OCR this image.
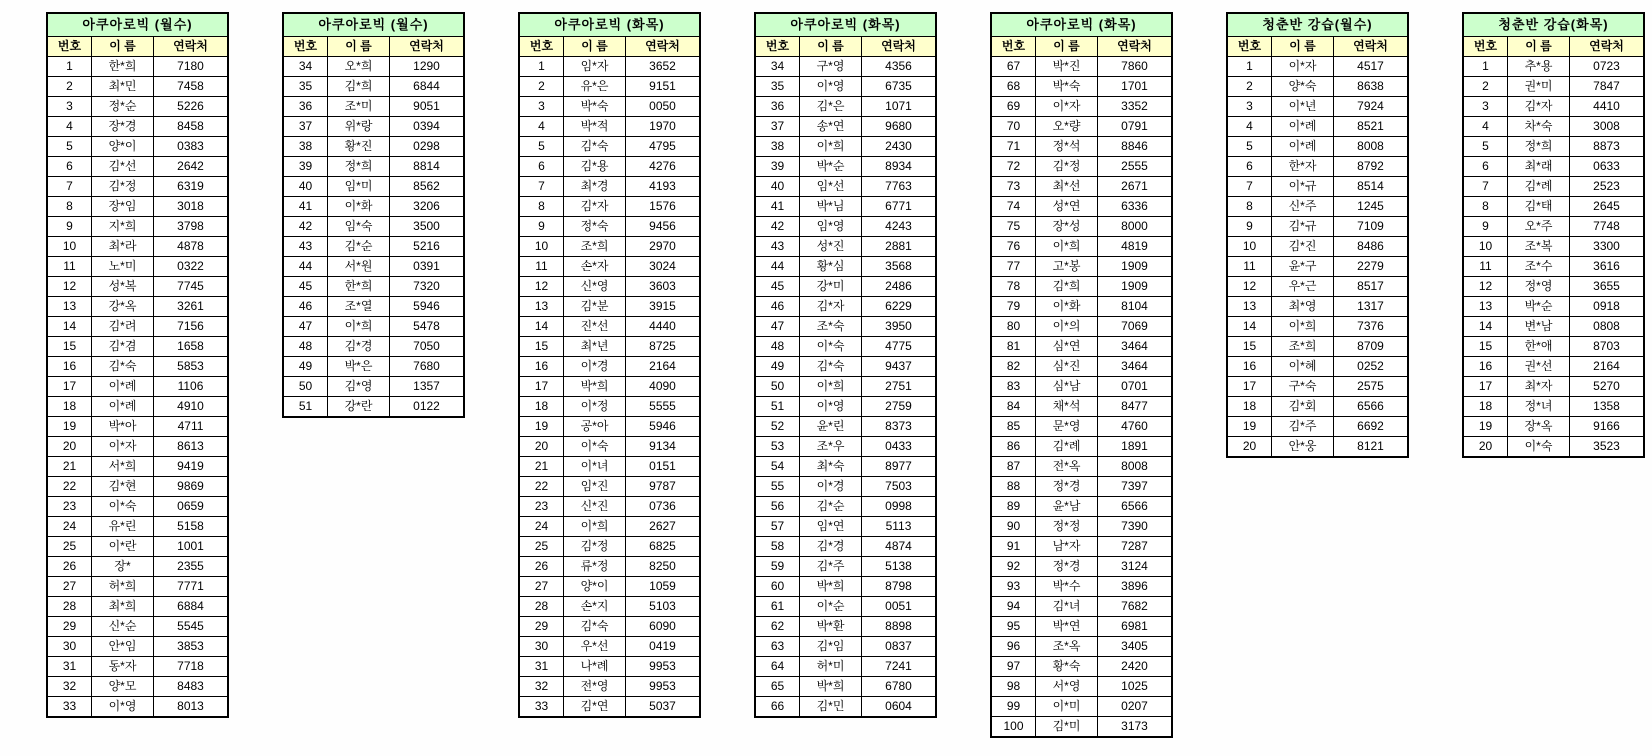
아쿠아로빅 (월수)
번호	이 름	연락처
1	한*희	7180
2	최*민	7458
3	정*순	5226
4	장*경	8458
5	양*이	0383
6	김*선	2642
7	김*정	6319
8	장*임	3018
9	지*희	3798
10	최*라	4878
11	노*미	0322
12	성*복	7745
13	강*옥	3261
14	김*려	7156
15	김*겸	1658
16	김*숙	5853
17	이*례	1106
18	이*례	4910
19	박*아	4711
20	이*자	8613
21	서*희	9419
22	김*현	9869
23	이*숙	0659
24	유*린	5158
25	이*란	1001
26	장*	2355
27	허*희	7771
28	최*희	6884
29	신*순	5545
30	안*임	3853
31	동*자	7718
32	양*모	8483
33	이*영	8013
아쿠아로빅 (월수)
번호	이 름	연락처
34	오*희	1290
35	김*희	6844
36	조*미	9051
37	위*랑	0394
38	황*진	0298
39	정*희	8814
40	임*미	8562
41	이*화	3206
42	임*숙	3500
43	김*순	5216
44	서*원	0391
45	한*희	7320
46	조*열	5946
47	이*희	5478
48	김*경	7050
49	박*은	7680
50	김*영	1357
51	강*란	0122
아쿠아로빅 (화목)
번호	이 름	연락처
1	임*자	3652
2	유*은	9151
3	박*숙	0050
4	박*적	1970
5	김*숙	4795
6	김*용	4276
7	최*경	4193
8	김*자	1576
9	정*숙	9456
10	조*희	2970
11	손*자	3024
12	신*영	3603
13	김*분	3915
14	진*선	4440
15	최*년	8725
16	이*경	2164
17	박*희	4090
18	이*정	5555
19	공*아	5946
20	이*숙	9134
21	이*녀	0151
22	임*진	9787
23	신*진	0736
24	이*희	2627
25	김*정	6825
26	류*정	8250
27	양*이	1059
28	손*지	5103
29	김*숙	6090
30	우*선	0419
31	나*례	9953
32	전*영	9953
33	김*연	5037
아쿠아로빅 (화목)
번호	이 름	연락처
34	구*영	4356
35	이*영	6735
36	김*은	1071
37	송*연	9680
38	이*희	2430
39	박*순	8934
40	임*선	7763
41	박*님	6771
42	임*영	4243
43	성*진	2881
44	황*심	3568
45	강*미	2486
46	김*자	6229
47	조*숙	3950
48	이*숙	4775
49	김*숙	9437
50	이*희	2751
51	이*영	2759
52	윤*린	8373
53	조*우	0433
54	최*숙	8977
55	이*경	7503
56	김*순	0998
57	임*연	5113
58	김*경	4874
59	김*주	5138
60	박*희	8798
61	이*순	0051
62	박*환	8898
63	김*임	0837
64	허*미	7241
65	박*희	6780
66	김*민	0604
아쿠아로빅 (화목)
번호	이 름	연락처
67	박*진	7860
68	박*숙	1701
69	이*자	3352
70	오*량	0791
71	정*석	8846
72	김*정	2555
73	최*선	2671
74	성*연	6336
75	장*성	8000
76	이*희	4819
77	고*봉	1909
78	김*희	1909
79	이*화	8104
80	이*의	7069
81	심*연	3464
82	심*진	3464
83	심*남	0701
84	채*석	8477
85	문*영	4760
86	김*례	1891
87	전*옥	8008
88	정*경	7397
89	윤*남	6566
90	정*정	7390
91	남*자	7287
92	정*경	3124
93	박*수	3896
94	김*녀	7682
95	박*연	6981
96	조*옥	3405
97	황*숙	2420
98	서*영	1025
99	이*미	0207
100	김*미	3173
청춘반 강습(월수)
번호	이 름	연락처
1	이*자	4517
2	양*숙	8638
3	이*년	7924
4	이*례	8521
5	이*례	8008
6	한*자	8792
7	이*규	8514
8	신*주	1245
9	김*규	7109
10	김*진	8486
11	윤*구	2279
12	우*근	8517
13	최*영	1317
14	이*희	7376
15	조*희	8709
16	이*혜	0252
17	구*숙	2575
18	김*회	6566
19	김*주	6692
20	안*웅	8121
청춘반 강습(화목)
번호	이 름	연락처
1	추*용	0723
2	권*미	7847
3	김*자	4410
4	차*숙	3008
5	정*희	8873
6	최*래	0633
7	김*례	2523
8	김*태	2645
9	오*주	7748
10	조*복	3300
11	조*수	3616
12	정*영	3655
13	박*순	0918
14	변*남	0808
15	한*애	8703
16	권*선	2164
17	최*자	5270
18	정*녀	1358
19	장*옥	9166
20	이*숙	3523
